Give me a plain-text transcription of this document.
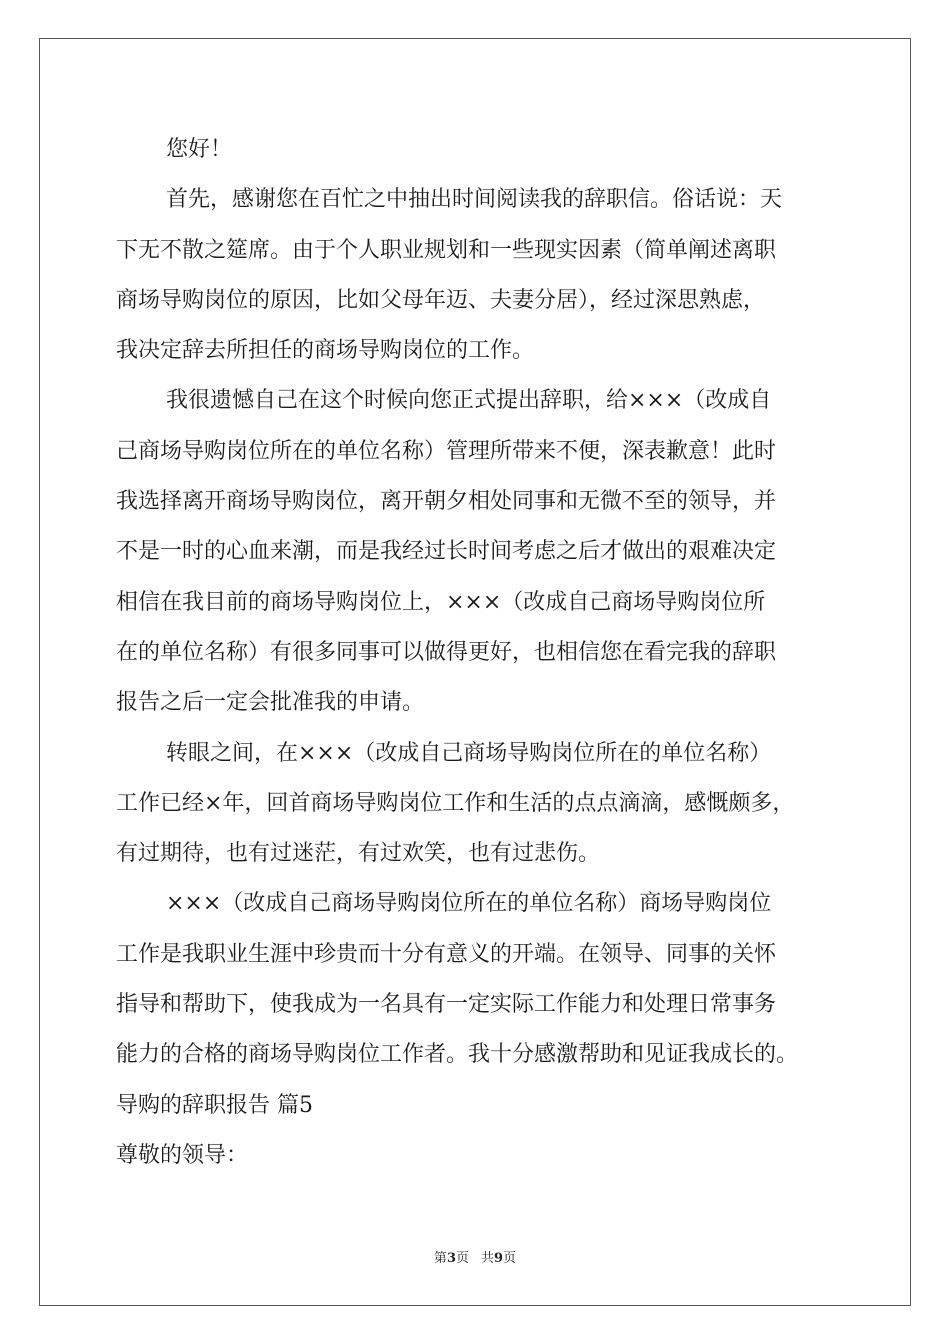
您好！
首先，感谢您在百忙之中抽出时间阅读我的辞职信。俗话说：天
下无不散之筵席。由于个人职业规划和一些现实因素（简单阐述离职
商场导购岗位的原因，比如父母年迈、夫妻分居），经过深思熟虑，
我决定辞去所担任的商场导购岗位的工作。
我很遗憾自己在这个时候向您正式提出辞职，给×××（改成自
己商场导购岗位所在的单位名称）管理所带来不便，深表歉意！此时
我选择离开商场导购岗位，离开朝夕相处同事和无微不至的领导，并
不是一时的心血来潮，而是我经过长时间考虑之后才做出的艰难决定
相信在我目前的商场导购岗位上，×××（改成自己商场导购岗位所
在的单位名称）有很多同事可以做得更好，也相信您在看完我的辞职
报告之后一定会批准我的申请。
转眼之间，在×××（改成自己商场导购岗位所在的单位名称）
工作已经×年，回首商场导购岗位工作和生活的点点滴滴，感慨颇多，
有过期待，也有过迷茫，有过欢笑，也有过悲伤。
×××（改成自己商场导购岗位所在的单位名称）商场导购岗位
工作是我职业生涯中珍贵而十分有意义的开端。在领导、同事的关怀
指导和帮助下，使我成为一名具有一定实际工作能力和处理日常事务
能力的合格的商场导购岗位工作者。我十分感激帮助和见证我成长的。
导购的辞职报告 篇5
尊敬的领导：
第3页 共9页
